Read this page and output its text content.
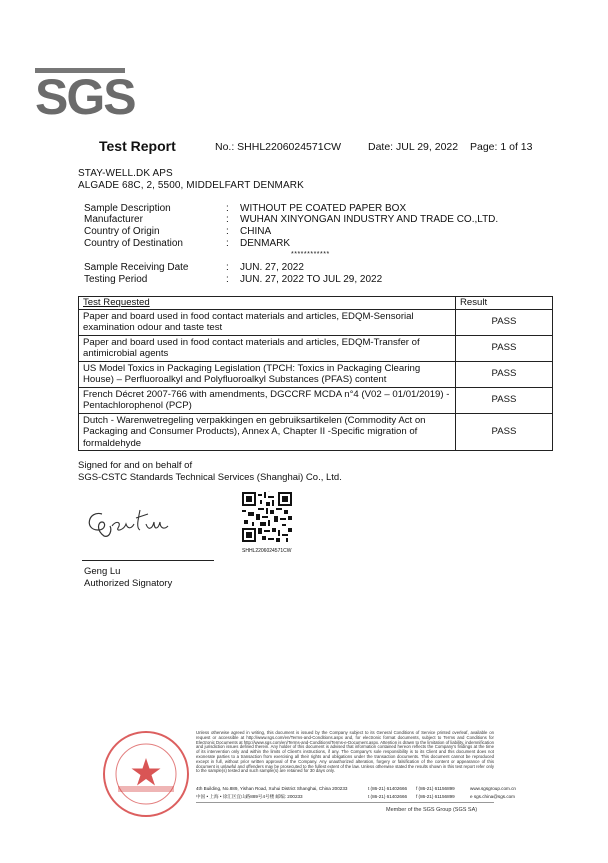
SGS
Test Report	No.: SHHL2206024571CW	Date: JUL 29, 2022 Page: 1 of 13
STAY-WELL.DK APS
ALGADE 68C, 2, 5500, MIDDELFART DENMARK
Sample Description	: WITHOUT PE COATED PAPER BOX
Manufacturer	: WUHAN XINYONGAN INDUSTRY AND TRADE CO.,LTD.
Country of Origin	: CHINA
Country of Destination	: DENMARK
************
Sample Receiving Date	: JUN. 27, 2022
Testing Period	: JUN. 27, 2022 TO JUL 29, 2022
Test Requested	Result
Paper and board used in food contact materials and articles, EDQM-Sensorial examination odour and taste test	PASS
Paper and board used in food contact materials and articles, EDQM-Transfer of antimicrobial agents	PASS
US Model Toxics in Packaging Legislation (TPCH: Toxics in Packaging Clearing House) – Perfluoroalkyl and Polyfluoroalkyl Substances (PFAS) content	PASS
French Décret 2007-766 with amendments, DGCCRF MCDA n°4 (V02 – 01/01/2019) - Pentachlorophenol (PCP)	PASS
Dutch - Warenwetregeling verpakkingen en gebruiksartikelen (Commodity Act on Packaging and Consumer Products), Annex A, Chapter II -Specific migration of formaldehyde	PASS
Signed for and on behalf of
SGS-CSTC Standards Technical Services (Shanghai) Co., Ltd.
SHHL2206024571CW
Geng Lu
Authorized Signatory
Unless otherwise agreed in writing, this document is issued by the Company subject to its General Conditions of Service printed overleaf, available on request or accessible at http://www.sgs.com/en/Terms-and-Conditions.aspx and, for electronic format documents, subject to Terms and Conditions for Electronic Documents at http://www.sgs.com/en/Terms-and-Conditions/Terms-e-Document.aspx. Attention is drawn to the limitation of liability, indemnification and jurisdiction issues defined therein. Any holder of this document is advised that information contained hereon reflects the Company's findings at the time of its intervention only and within the limits of Client's instructions, if any. The Company's sole responsibility is to its Client and this document does not exonerate parties to a transaction from exercising all their rights and obligations under the transaction documents. This document cannot be reproduced except in full, without prior written approval of the Company. Any unauthorized alteration, forgery or falsification of the content or appearance of this document is unlawful and offenders may be prosecuted to the fullest extent of the law. Unless otherwise stated the results shown in this test report refer only to the sample(s) tested and such sample(s) are retained for 30 days only.
4th Building, No.889, Yishan Road, Xuhui District Shanghai, China 200233	t (86-21) 61402666 f (86-21) 61156899	www.sgsgroup.com.cn
中国 • 上海 • 徐汇区宜山路889号4号楼 邮编: 200233	t (86-21) 61402666 f (86-21) 61156899	e sgs.china@sgs.com
Member of the SGS Group (SGS SA)
